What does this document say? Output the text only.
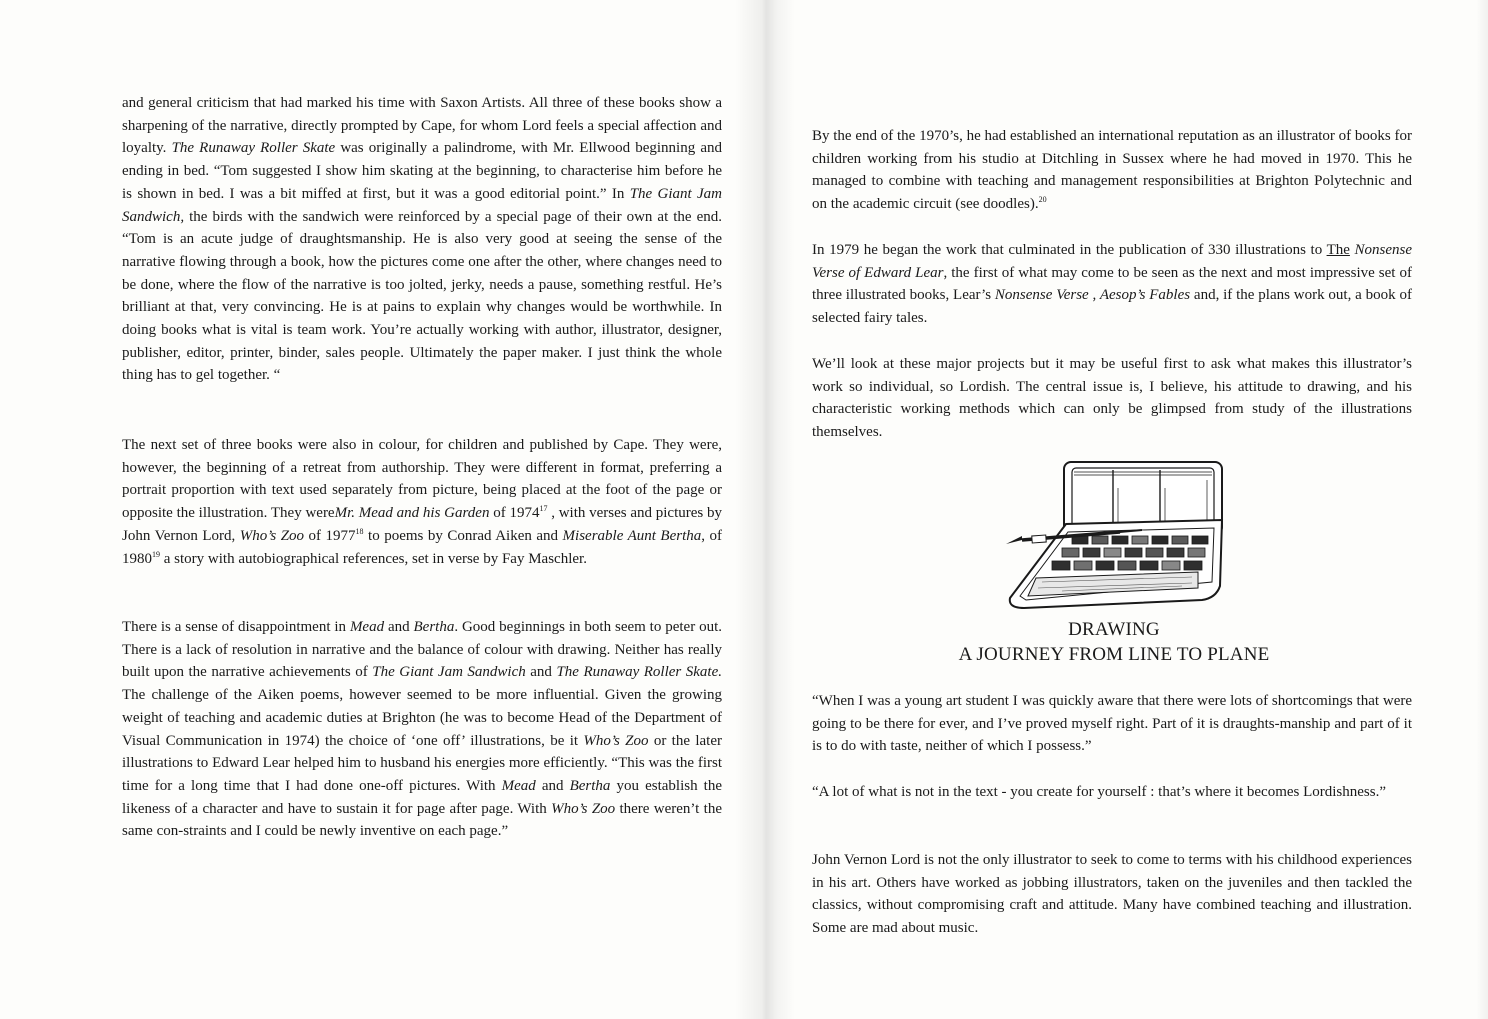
and general criticism that had marked his time with Saxon Artists. All three of these books show a sharpening of the narrative, directly prompted by Cape, for whom Lord feels a special affection and loyalty. The Runaway Roller Skate was originally a palindrome, with Mr. Ellwood beginning and ending in bed. “Tom suggested I show him skating at the beginning, to characterise him before he is shown in bed. I was a bit miffed at first, but it was a good editorial point.” In The Giant Jam Sandwich, the birds with the sandwich were reinforced by a special page of their own at the end. “Tom is an acute judge of draughtsmanship. He is also very good at seeing the sense of the narrative flowing through a book, how the pictures come one after the other, where changes need to be done, where the flow of the narrative is too jolted, jerky, needs a pause, something restful. He’s brilliant at that, very convincing. He is at pains to explain why changes would be worthwhile. In doing books what is vital is team work. You’re actually working with author, illustrator, designer, publisher, editor, printer, binder, sales people. Ultimately the paper maker. I just think the whole thing has to gel together. “

The next set of three books were also in colour, for children and published by Cape. They were, however, the beginning of a retreat from authorship. They were different in format, preferring a portrait proportion with text used separately from picture, being placed at the foot of the page or opposite the illustration. They wereMr. Mead and his Garden of 1974$^{17}$ , with verses and pictures by John Vernon Lord, Who’s Zoo of 1977$^{18}$ to poems by Conrad Aiken and Miserable Aunt Bertha, of 1980$^{19}$ a story with autobiographical references, set in verse by Fay Maschler.

There is a sense of disappointment in Mead and Bertha. Good beginnings in both seem to peter out. There is a lack of resolution in narrative and the balance of colour with drawing. Neither has really built upon the narrative achievements of The Giant Jam Sandwich and The Runaway Roller Skate. The challenge of the Aiken poems, however seemed to be more influential. Given the growing weight of teaching and academic duties at Brighton (he was to become Head of the Department of Visual Communication in 1974) the choice of ‘one off’ illustrations, be it Who’s Zoo or the later illustrations to Edward Lear helped him to husband his energies more efficiently. “This was the first time for a long time that I had done one-off pictures. With Mead and Bertha you establish the likeness of a character and have to sustain it for page after page. With Who’s Zoo there weren’t the same con-straints and I could be newly inventive on each page.”

By the end of the 1970’s, he had established an international reputation as an illustrator of books for children working from his studio at Ditchling in Sussex where he had moved in 1970. This he managed to combine with teaching and management responsibilities at Brighton Polytechnic and on the academic circuit (see doodles).$^{20}$

In 1979 he began the work that culminated in the publication of 330 illustrations to The Nonsense Verse of Edward Lear, the first of what may come to be seen as the next and most impressive set of three illustrated books, Lear’s Nonsense Verse , Aesop’s Fables and, if the plans work out, a book of selected fairy tales.

We’ll look at these major projects but it may be useful first to ask what makes this illustrator’s work so individual, so Lordish. The central issue is, I believe, his attitude to drawing, and his characteristic working methods which can only be glimpsed from study of the illustrations themselves.

DRAWING
A JOURNEY FROM LINE TO PLANE

“When I was a young art student I was quickly aware that there were lots of shortcomings that were going to be there for ever, and I’ve proved myself right. Part of it is draughts-manship and part of it is to do with taste, neither of which I possess.”

“A lot of what is not in the text - you create for yourself : that’s where it becomes Lordishness.”

John Vernon Lord is not the only illustrator to seek to come to terms with his childhood experiences in his art. Others have worked as jobbing illustrators, taken on the juveniles and then tackled the classics, without compromising craft and attitude. Many have combined teaching and illustration. Some are mad about music.
